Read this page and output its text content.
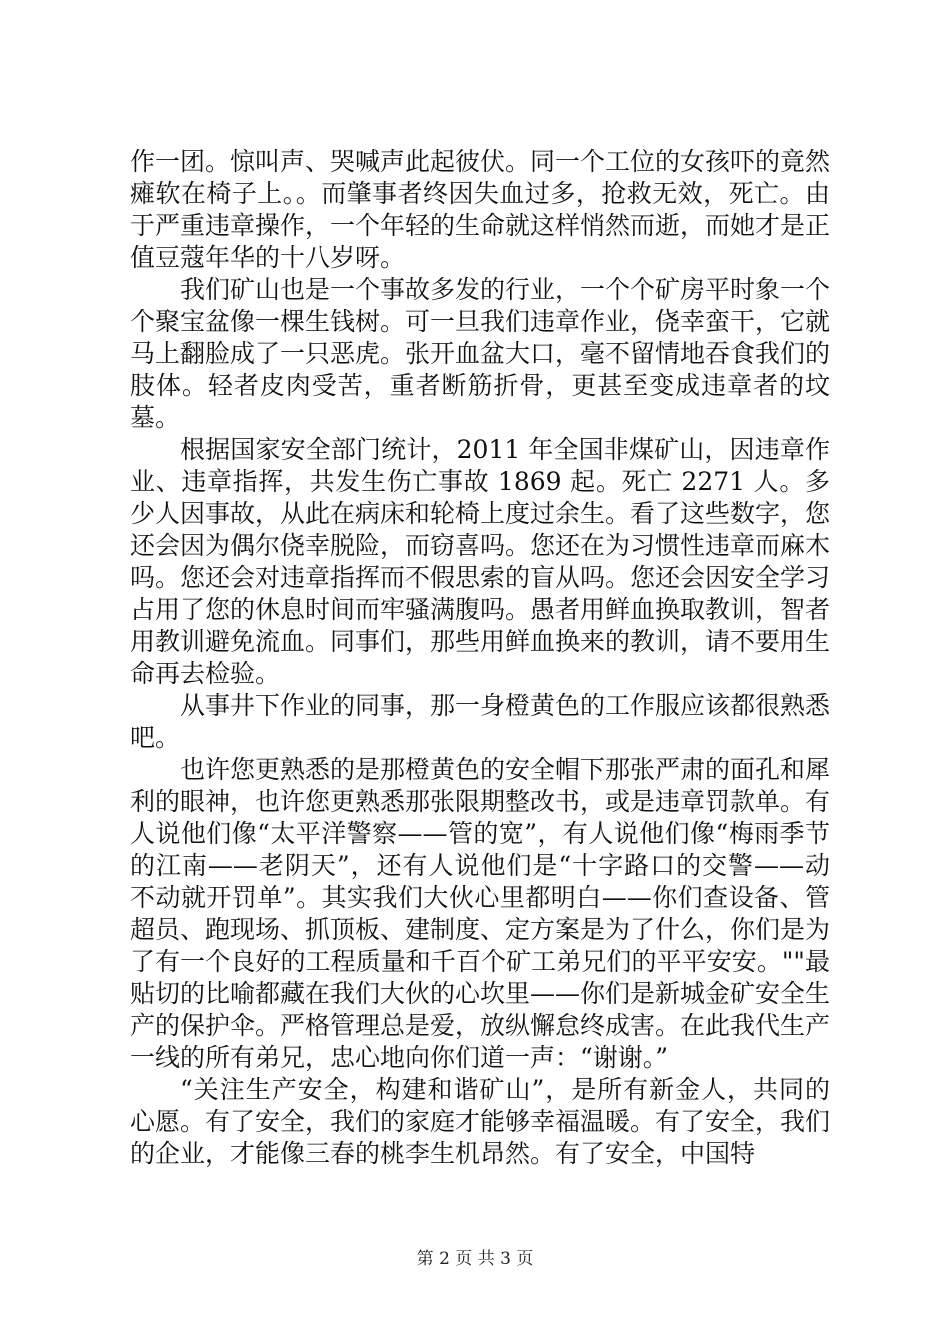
作一团。惊叫声、哭喊声此起彼伏。同一个工位的女孩吓的竟然瘫软在椅子上。。而肇事者终因失血过多，抢救无效，死亡。由于严重违章操作，一个年轻的生命就这样悄然而逝，而她才是正值豆蔻年华的十八岁呀。

我们矿山也是一个事故多发的行业，一个个矿房平时象一个个聚宝盆像一棵生钱树。可一旦我们违章作业，侥幸蛮干，它就马上翻脸成了一只恶虎。张开血盆大口，毫不留情地吞食我们的肢体。轻者皮肉受苦，重者断筋折骨，更甚至变成违章者的坟墓。

根据国家安全部门统计，2011 年全国非煤矿山，因违章作业、违章指挥，共发生伤亡事故 1869 起。死亡 2271 人。多少人因事故，从此在病床和轮椅上度过余生。看了这些数字，您还会因为偶尔侥幸脱险，而窃喜吗。您还在为习惯性违章而麻木吗。您还会对违章指挥而不假思索的盲从吗。您还会因安全学习占用了您的休息时间而牢骚满腹吗。愚者用鲜血换取教训，智者用教训避免流血。同事们，那些用鲜血换来的教训，请不要用生命再去检验。

从事井下作业的同事，那一身橙黄色的工作服应该都很熟悉吧。

也许您更熟悉的是那橙黄色的安全帽下那张严肃的面孔和犀利的眼神，也许您更熟悉那张限期整改书，或是违章罚款单。有人说他们像“太平洋警察——管的宽”，有人说他们像“梅雨季节的江南——老阴天”，还有人说他们是“十字路口的交警——动不动就开罚单”。其实我们大伙心里都明白——你们查设备、管超员、跑现场、抓顶板、建制度、定方案是为了什么，你们是为了有一个良好的工程质量和千百个矿工弟兄们的平平安安。""最贴切的比喻都藏在我们大伙的心坎里——你们是新城金矿安全生产的保护伞。严格管理总是爱，放纵懈怠终成害。在此我代生产一线的所有弟兄，忠心地向你们道一声：“谢谢。”

“关注生产安全，构建和谐矿山”，是所有新金人，共同的心愿。有了安全，我们的家庭才能够幸福温暖。有了安全，我们的企业，才能像三春的桃李生机昂然。有了安全，中国特

第 2 页 共 3 页
